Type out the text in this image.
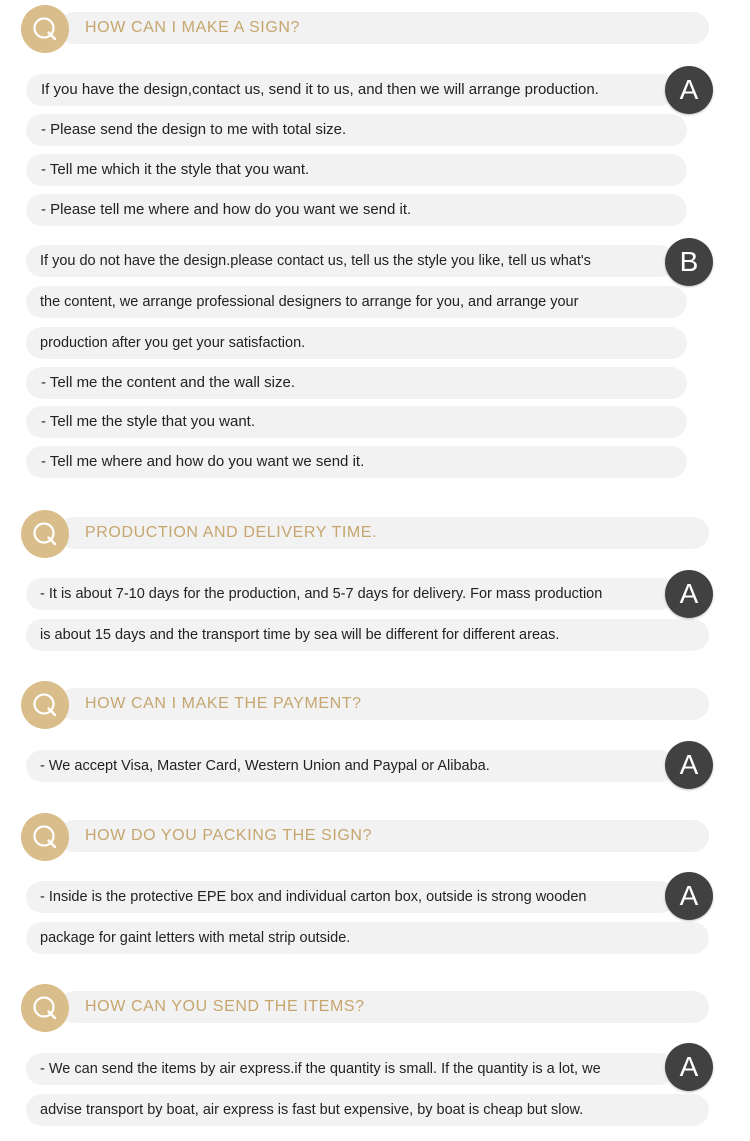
HOW CAN I MAKE A SIGN?
If you have the design,contact us, send it to us, and then we will arrange production.
- Please send the design to me with total size.
- Tell me which it the style that you want.
- Please tell me where and how do you want we send it.
A
If you do not have the design.please contact us, tell us the style you like, tell us what's
the content, we arrange professional designers to arrange for you, and arrange your
production after you get your satisfaction.
- Tell me the content and the wall size.
- Tell me the style that you want.
- Tell me where and how do you want we send it.
B
PRODUCTION AND DELIVERY TIME.
- It is about 7-10 days for the production, and 5-7 days for delivery. For mass production
is about 15 days and the transport time by sea will be different for different areas.
A
HOW CAN I MAKE THE PAYMENT?
- We accept Visa, Master Card, Western Union and Paypal or Alibaba.	A
HOW DO YOU PACKING THE SIGN?
- Inside is the protective EPE box and individual carton box, outside is strong wooden
package for gaint letters with metal strip outside.
A
HOW CAN YOU SEND THE ITEMS?
- We can send the items by air express.if the quantity is small. If the quantity is a lot, we
advise transport by boat, air express is fast but expensive, by boat is cheap but slow.
A
